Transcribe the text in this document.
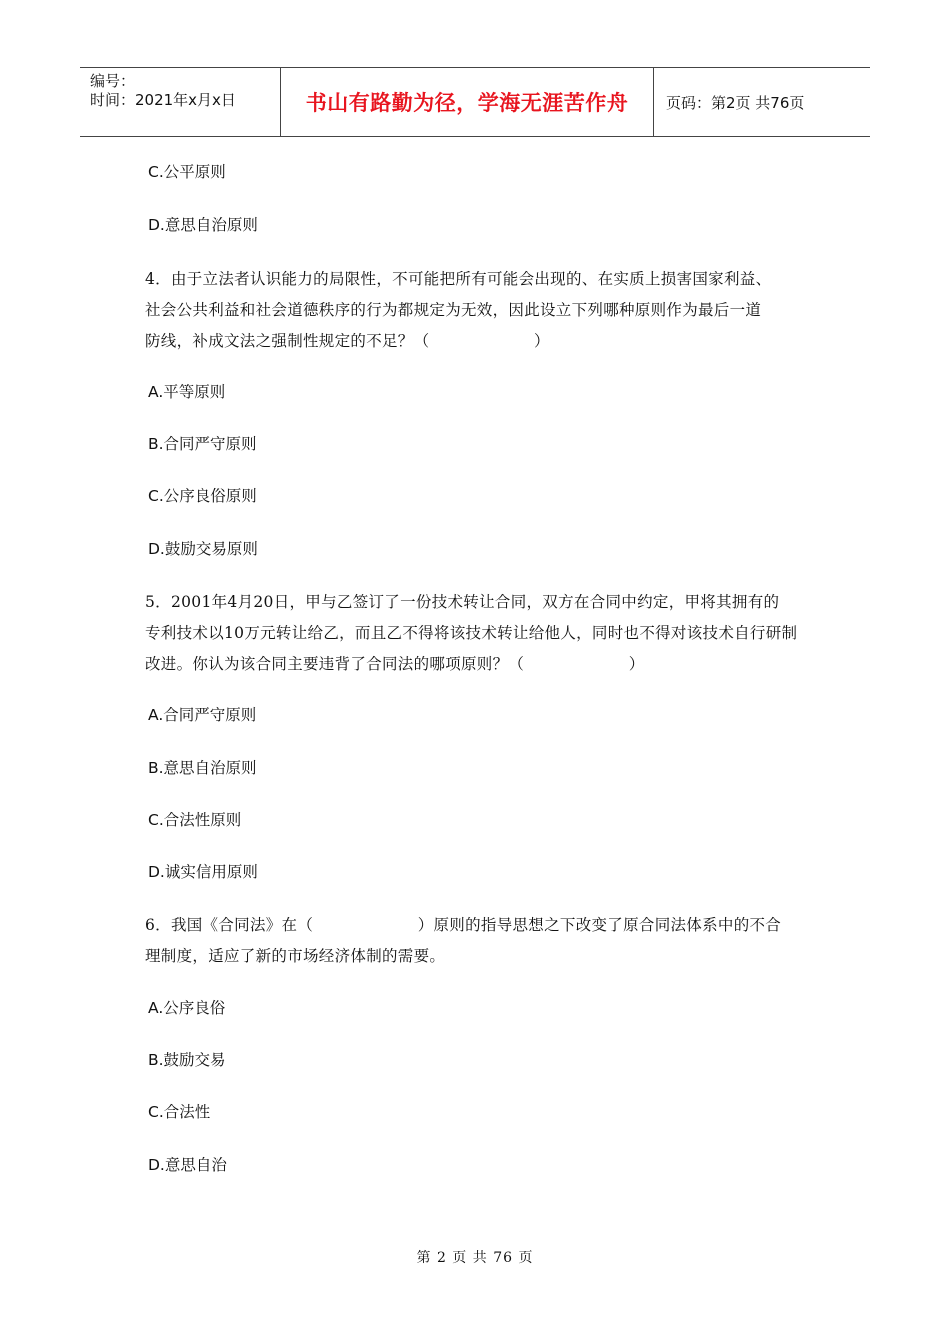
编号：
时间：2021年x月x日	书山有路勤为径，学海无涯苦作舟	页码：第2页 共76页
C.公平原则
D.意思自治原则
4．由于立法者认识能力的局限性，不可能把所有可能会出现的、在实质上损害国家利益、
社会公共利益和社会道德秩序的行为都规定为无效，因此设立下列哪种原则作为最后一道
防线，补成文法之强制性规定的不足？（                    ）
A.平等原则
B.合同严守原则
C.公序良俗原则
D.鼓励交易原则
5．2001年4月20日，甲与乙签订了一份技术转让合同，双方在合同中约定，甲将其拥有的
专利技术以10万元转让给乙，而且乙不得将该技术转让给他人，同时也不得对该技术自行研制
改进。你认为该合同主要违背了合同法的哪项原则？（                    ）
A.合同严守原则
B.意思自治原则
C.合法性原则
D.诚实信用原则
6．我国《合同法》在（                    ）原则的指导思想之下改变了原合同法体系中的不合
理制度，适应了新的市场经济体制的需要。
A.公序良俗
B.鼓励交易
C.合法性
D.意思自治
第 2 页 共 76 页
